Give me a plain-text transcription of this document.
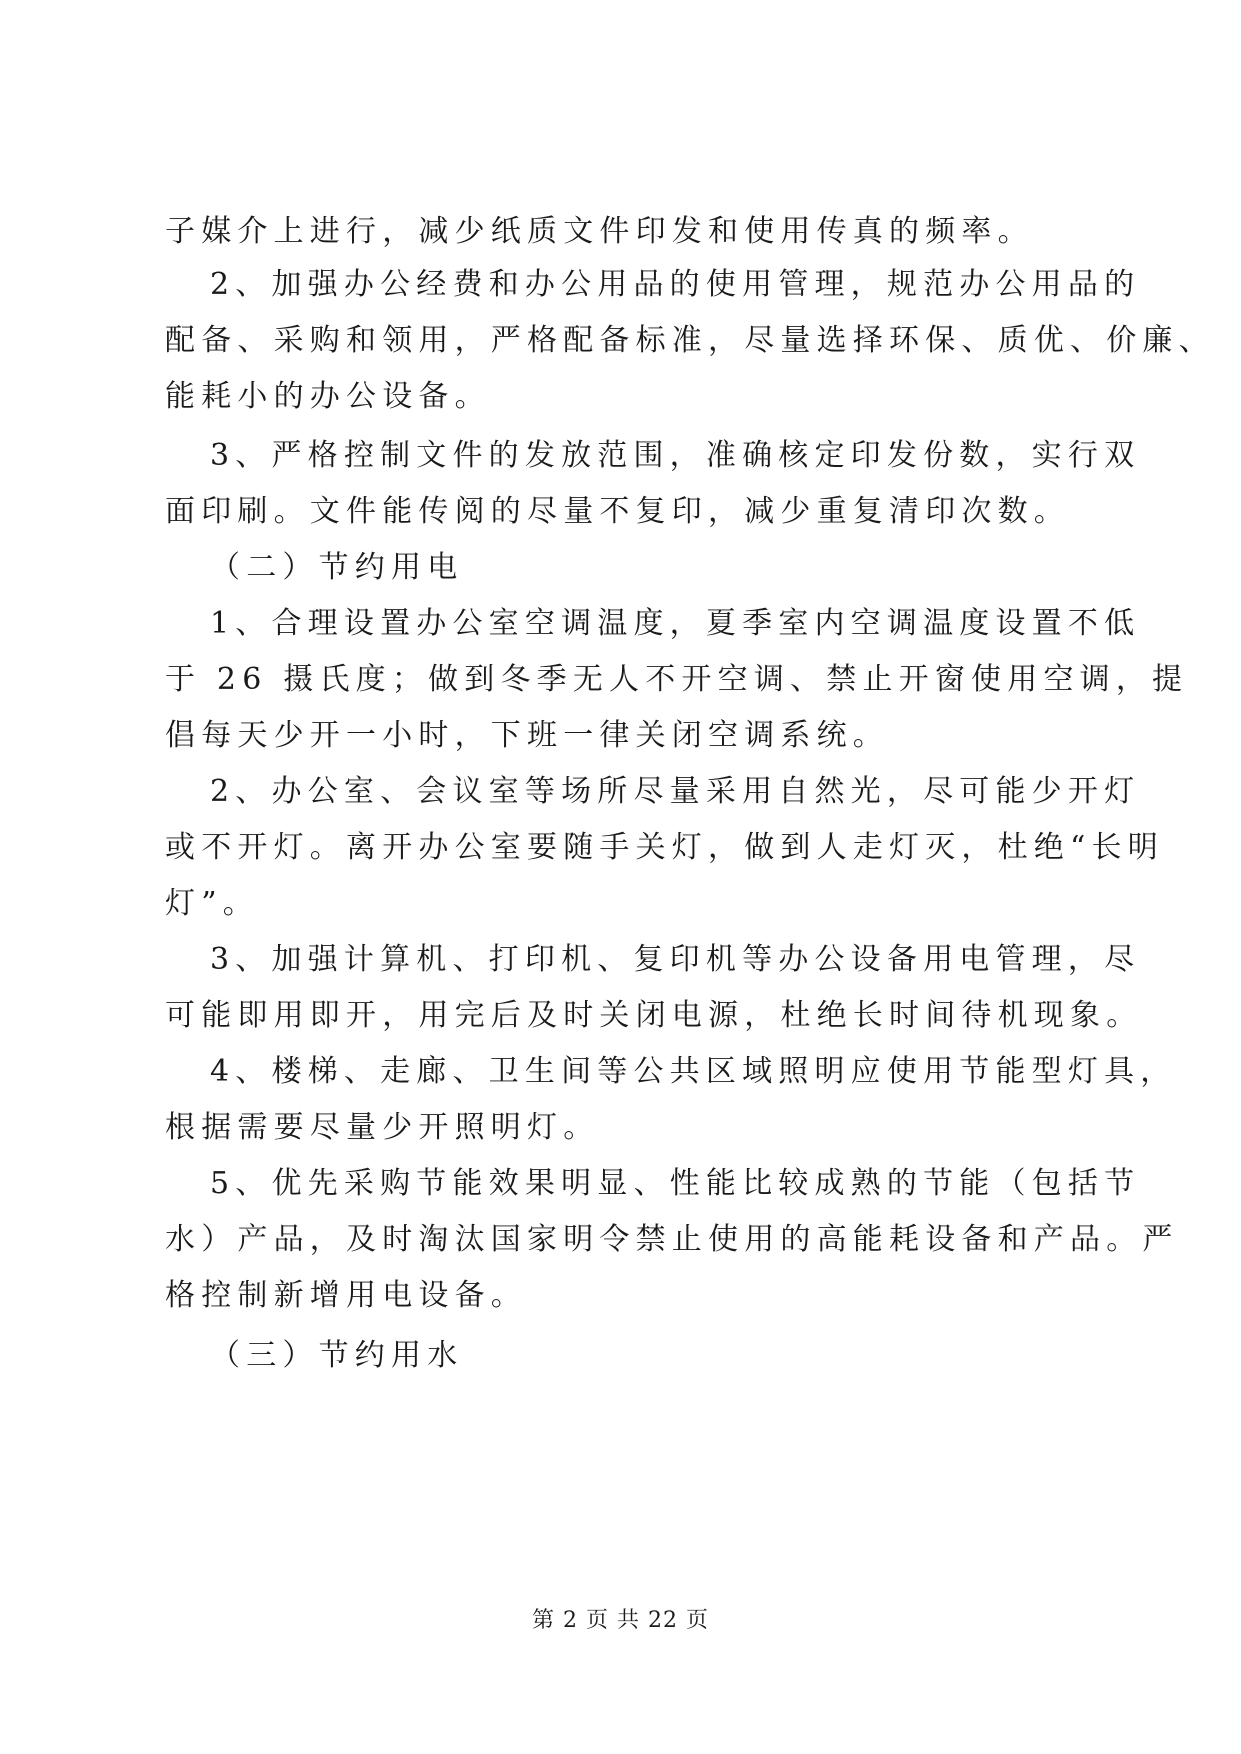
子媒介上进行，减少纸质文件印发和使用传真的频率。
2、加强办公经费和办公用品的使用管理，规范办公用品的
配备、采购和领用，严格配备标准，尽量选择环保、质优、价廉、
能耗小的办公设备。
3、严格控制文件的发放范围，准确核定印发份数，实行双
面印刷。文件能传阅的尽量不复印，减少重复清印次数。
（二）节约用电
1、合理设置办公室空调温度，夏季室内空调温度设置不低
于 26 摄氏度；做到冬季无人不开空调、禁止开窗使用空调，提
倡每天少开一小时，下班一律关闭空调系统。
2、办公室、会议室等场所尽量采用自然光，尽可能少开灯
或不开灯。离开办公室要随手关灯，做到人走灯灭，杜绝“长明
灯”。
3、加强计算机、打印机、复印机等办公设备用电管理，尽
可能即用即开，用完后及时关闭电源，杜绝长时间待机现象。
4、楼梯、走廊、卫生间等公共区域照明应使用节能型灯具，
根据需要尽量少开照明灯。
5、优先采购节能效果明显、性能比较成熟的节能（包括节
水）产品，及时淘汰国家明令禁止使用的高能耗设备和产品。严
格控制新增用电设备。
（三）节约用水
第 2 页 共 22 页
